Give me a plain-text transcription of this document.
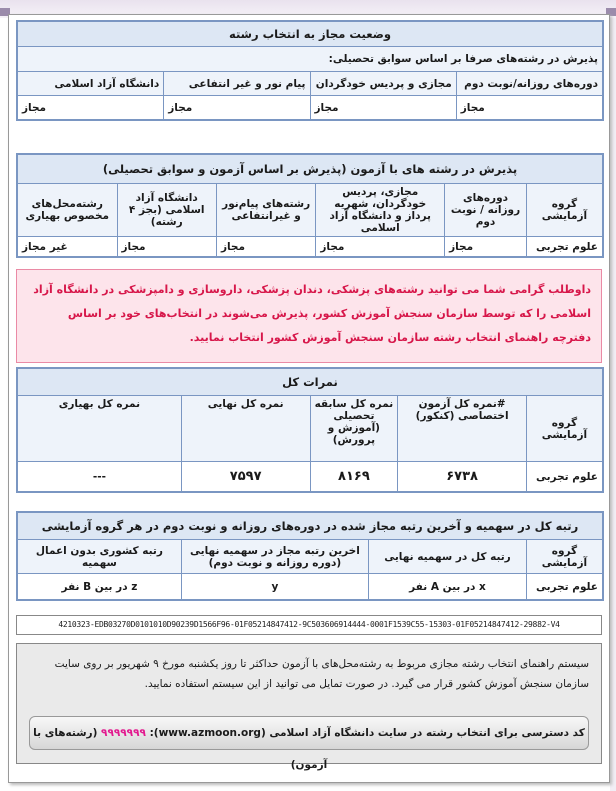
وضعیت مجاز به انتخاب رشته			
پذیرش در رشته‌های صرفا بر اساس سوابق تحصیلی:			
دوره‌های روزانه/نوبت دوم	مجازی و پردیس خودگردان	پیام نور و غیر انتفاعی	دانشگاه آزاد اسلامی
مجاز	مجاز	مجاز	مجاز
پذیرش در رشته های با آزمون (پذیرش بر اساس آزمون و سوابق تحصیلی)					
گروه آزمایشی	دوره‌های روزانه / نوبت دوم	مجازی، پردیس خودگردان، شهریه پرداز و دانشگاه آزاد اسلامی	رشته‌های پیام‌نور و غیرانتفاعی	دانشگاه آزاد اسلامی (بجز ۴ رشته)	رشته‌محل‌های مخصوص بهیاری
علوم تجربی	مجاز	مجاز	مجاز	مجاز	غیر مجاز
داوطلب گرامی شما می توانید رشته‌های پزشکی، دندان پزشکی، داروسازی و دامپزشکی در دانشگاه آزاد اسلامی را که توسط سازمان سنجش آموزش کشور، پذیرش می‌شوند در انتخاب‌های خود بر اساس دفترچه راهنمای انتخاب رشته سازمان سنجش آموزش کشور انتخاب نمایید.
نمرات کل				
گروه آزمایشی	#نمره کل آزمون اختصاصی (کنکور)	نمره کل سابقه تحصیلی (آموزش و پرورش)	نمره کل نهایی	نمره کل بهیاری
علوم تجربی	۶۷۳۸	۸۱۶۹	۷۵۹۷	---
رتبه کل در سهمیه و آخرین رتبه مجاز شده در دوره‌های روزانه و نوبت دوم در هر گروه آزمایشی			
گروه آزمایشی	رتبه کل در سهمیه نهایی	اخرین رتبه مجاز در سهمیه نهایی (دوره روزانه و نوبت دوم)	رتبه کشوری بدون اعمال سهمیه
علوم تجربی	x در بین A نفر	y	z در بین B نفر
4210323-EDB03270D0101010D90239D1566F96-01F05214847412-9C503606914444-0001F1539C55-15303-01F05214847412-29882-V4
سیستم راهنمای انتخاب رشته مجازی مربوط به رشته‌محل‌های با آزمون حداکثر تا روز یکشنبه مورخ ۹ شهریور بر روی سایت سازمان سنجش آموزش کشور قرار می گیرد. در صورت تمایل می توانید از این سیستم استفاده نمایید.
کد دسترسی برای انتخاب رشته در سایت دانشگاه آزاد اسلامی (www.azmoon.org): ۹۹۹۹۹۹۹ (رشته‌های با آزمون)
